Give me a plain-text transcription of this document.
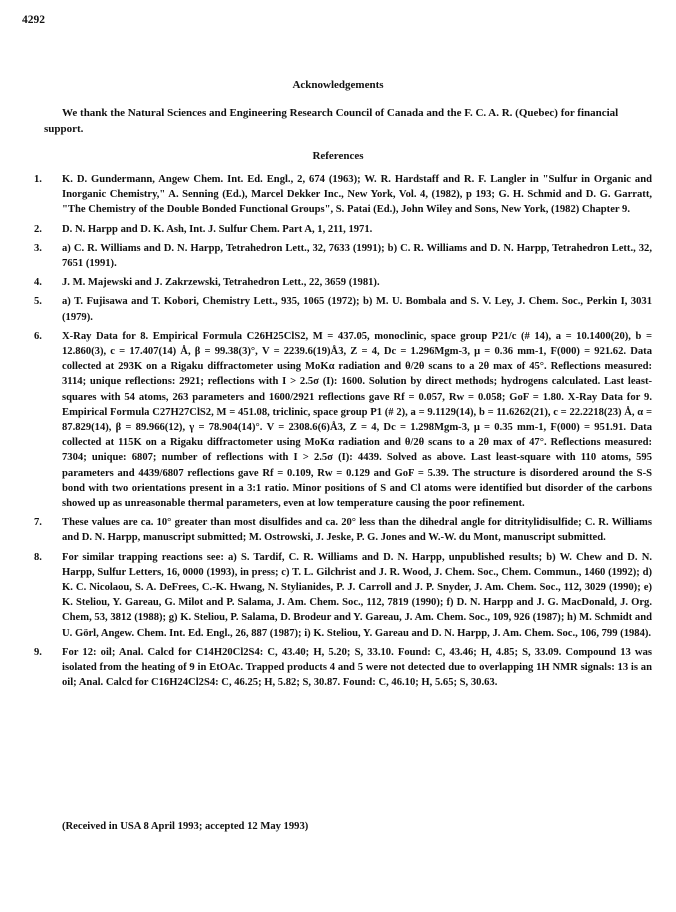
4292
Acknowledgements

We thank the Natural Sciences and Engineering Research Council of Canada and the F. C. A. R. (Quebec) for financial support.

References
1. K. D. Gundermann, Angew Chem. Int. Ed. Engl., 2, 674 (1963); W. R. Hardstaff and R. F. Langler in "Sulfur in Organic and Inorganic Chemistry," A. Senning (Ed.), Marcel Dekker Inc., New York, Vol. 4, (1982), p 193; G. H. Schmid and D. G. Garratt, "The Chemistry of the Double Bonded Functional Groups", S. Patai (Ed.), John Wiley and Sons, New York, (1982) Chapter 9.
2. D. N. Harpp and D. K. Ash, Int. J. Sulfur Chem. Part A, 1, 211, 1971.
3. a) C. R. Williams and D. N. Harpp, Tetrahedron Lett., 32, 7633 (1991); b) C. R. Williams and D. N. Harpp, Tetrahedron Lett., 32, 7651 (1991).
4. J. M. Majewski and J. Zakrzewski, Tetrahedron Lett., 22, 3659 (1981).
5. a) T. Fujisawa and T. Kobori, Chemistry Lett., 935, 1065 (1972); b) M. U. Bombala and S. V. Ley, J. Chem. Soc., Perkin I, 3031 (1979).
6. X-Ray Data for 8. Empirical Formula C26H25ClS2, M = 437.05, monoclinic, space group P21/c (# 14), a = 10.1400(20), b = 12.860(3), c = 17.407(14) Å, β = 99.38(3)°, V = 2239.6(19)Å3, Z = 4, Dc = 1.296Mgm-3, μ = 0.36 mm-1, F(000) = 921.62. Data collected at 293K on a Rigaku diffractometer using MoKα radiation and θ/2θ scans to a 2θ max of 45°. Reflections measured: 3114; unique reflections: 2921; reflections with I > 2.5σ (I): 1600. Solution by direct methods; hydrogens calculated. Last least-squares with 54 atoms, 263 parameters and 1600/2921 reflections gave Rf = 0.057, Rw = 0.058; GoF = 1.80. X-Ray Data for 9. Empirical Formula C27H27ClS2, M = 451.08, triclinic, space group P1 (# 2), a = 9.1129(14), b = 11.6262(21), c = 22.2218(23) Å, α = 87.829(14), β = 89.966(12), γ = 78.904(14)°. V = 2308.6(6)Å3, Z = 4, Dc = 1.298Mgm-3, μ = 0.35 mm-1, F(000) = 951.91. Data collected at 115K on a Rigaku diffractometer using MoKα radiation and θ/2θ scans to a 2θ max of 47°. Reflections measured: 7304; unique: 6807; number of reflections with I > 2.5σ (I): 4439. Solved as above. Last least-square with 110 atoms, 595 parameters and 4439/6807 reflections gave Rf = 0.109, Rw = 0.129 and GoF = 5.39. The structure is disordered around the S-S bond with two orientations present in a 3:1 ratio. Minor positions of S and Cl atoms were identified but disorder of the carbons showed up as unreasonable thermal parameters, even at low temperature causing the poor refinement.
7. These values are ca. 10° greater than most disulfides and ca. 20° less than the dihedral angle for ditritylidisulfide; C. R. Williams and D. N. Harpp, manuscript submitted; M. Ostrowski, J. Jeske, P. G. Jones and W.-W. du Mont, manuscript submitted.
8. For similar trapping reactions see: a) S. Tardif, C. R. Williams and D. N. Harpp, unpublished results; b) W. Chew and D. N. Harpp, Sulfur Letters, 16, 0000 (1993), in press; c) T. L. Gilchrist and J. R. Wood, J. Chem. Soc., Chem. Commun., 1460 (1992); d) K. C. Nicolaou, S. A. DeFrees, C.-K. Hwang, N. Stylianides, P. J. Carroll and J. P. Snyder, J. Am. Chem. Soc., 112, 3029 (1990); e) K. Steliou, Y. Gareau, G. Milot and P. Salama, J. Am. Chem. Soc., 112, 7819 (1990); f) D. N. Harpp and J. G. MacDonald, J. Org. Chem, 53, 3812 (1988); g) K. Steliou, P. Salama, D. Brodeur and Y. Gareau, J. Am. Chem. Soc., 109, 926 (1987); h) M. Schmidt and U. Görl, Angew. Chem. Int. Ed. Engl., 26, 887 (1987); i) K. Steliou, Y. Gareau and D. N. Harpp, J. Am. Chem. Soc., 106, 799 (1984).
9. For 12: oil; Anal. Calcd for C14H20Cl2S4: C, 43.40; H, 5.20; S, 33.10. Found: C, 43.46; H, 4.85; S, 33.09. Compound 13 was isolated from the heating of 9 in EtOAc. Trapped products 4 and 5 were not detected due to overlapping 1H NMR signals: 13 is an oil; Anal. Calcd for C16H24Cl2S4: C, 46.25; H, 5.82; S, 30.87. Found: C, 46.10; H, 5.65; S, 30.63.
(Received in USA 8 April 1993; accepted 12 May 1993)
